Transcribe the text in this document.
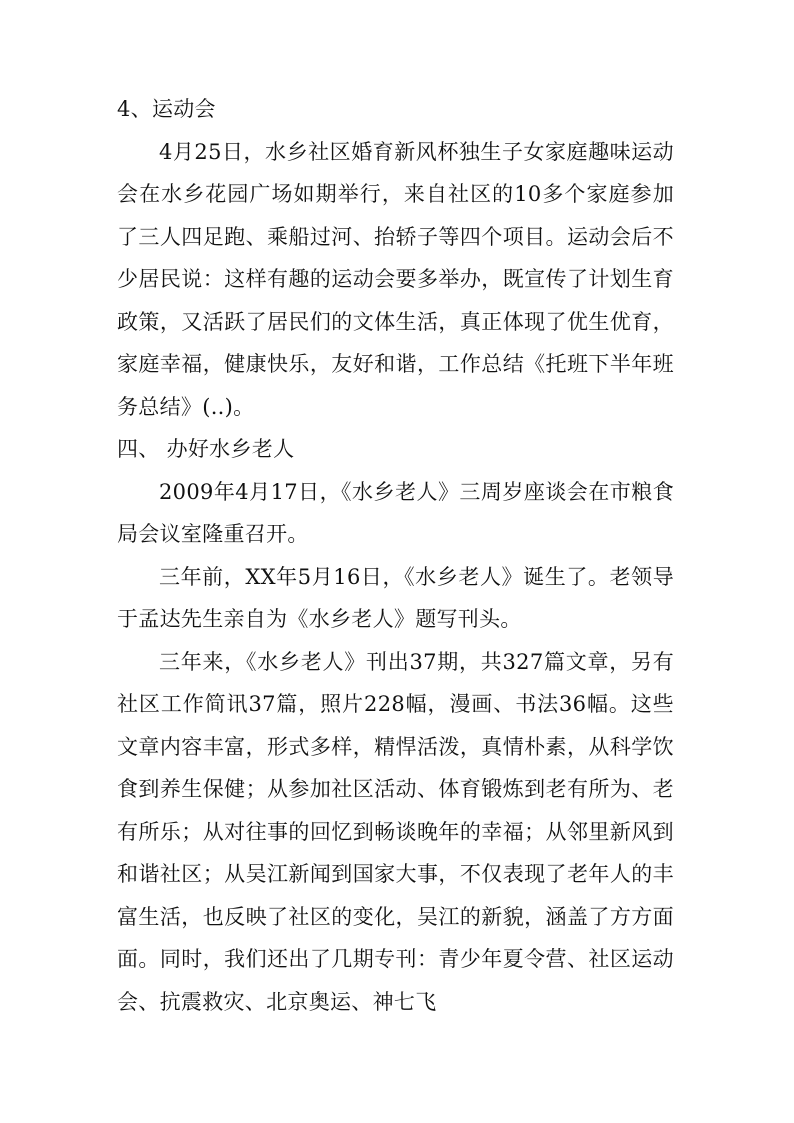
4、运动会

4月25日，水乡社区婚育新风杯独生子女家庭趣味运动会在水乡花园广场如期举行，来自社区的10多个家庭参加了三人四足跑、乘船过河、抬轿子等四个项目。运动会后不少居民说：这样有趣的运动会要多举办，既宣传了计划生育政策，又活跃了居民们的文体生活，真正体现了优生优育，家庭幸福，健康快乐，友好和谐，工作总结《托班下半年班务总结》(..)。

四、 办好水乡老人

2009年4月17日，《水乡老人》三周岁座谈会在市粮食局会议室隆重召开。

三年前，XX年5月16日，《水乡老人》诞生了。老领导于孟达先生亲自为《水乡老人》题写刊头。

三年来，《水乡老人》刊出37期，共327篇文章，另有社区工作简讯37篇，照片228幅，漫画、书法36幅。这些文章内容丰富，形式多样，精悍活泼，真情朴素，从科学饮食到养生保健；从参加社区活动、体育锻炼到老有所为、老有所乐；从对往事的回忆到畅谈晚年的幸福；从邻里新风到和谐社区；从吴江新闻到国家大事，不仅表现了老年人的丰富生活，也反映了社区的变化，吴江的新貌，涵盖了方方面面。同时，我们还出了几期专刊：青少年夏令营、社区运动会、抗震救灾、北京奥运、神七飞
